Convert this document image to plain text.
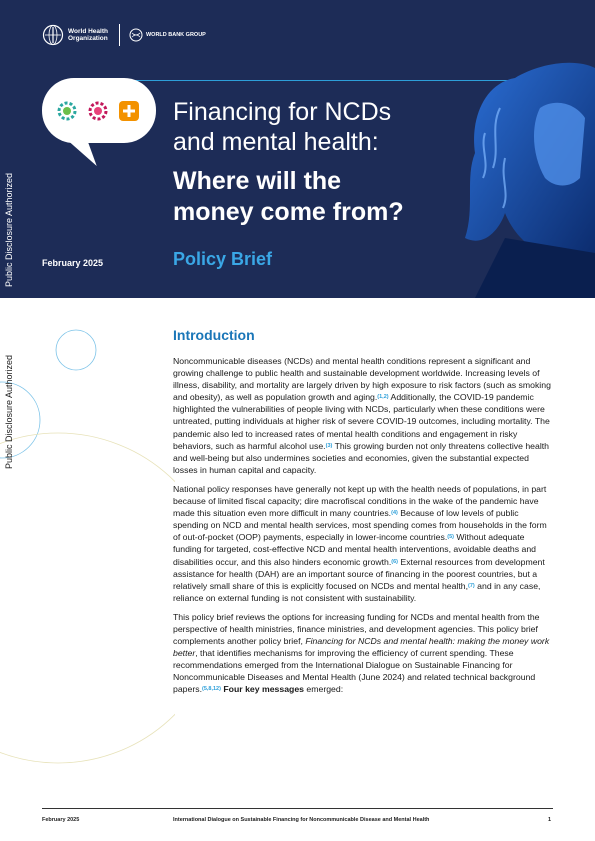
World Health
Organization	WORLD BANK GROUP
Financing for NCDs
and mental health:
Where will the
money come from?
February 2025	Policy Brief
Public Disclosure Authorized
Public Disclosure Authorized
Introduction

Noncommunicable diseases (NCDs) and mental health conditions represent a significant and growing challenge to public health and sustainable development worldwide. Increasing levels of illness, disability, and mortality are largely driven by high exposure to risk factors (such as smoking and obesity), as well as population growth and aging.$^{(1,2)}$ Additionally, the COVID-19 pandemic highlighted the vulnerabilities of people living with NCDs, particularly when these conditions were untreated, putting individuals at higher risk of severe COVID-19 outcomes, including mortality. The pandemic also led to increased rates of mental health conditions and engagement in risky behaviors, such as harmful alcohol use.$^{(3)}$ This growing burden not only threatens collective health and well-being but also undermines societies and economies, given the substantial expected losses in human capital and capacity.

National policy responses have generally not kept up with the health needs of populations, in part because of limited fiscal capacity; dire macrofiscal conditions in the wake of the pandemic have made this situation even more difficult in many countries.$^{(4)}$ Because of low levels of public spending on NCD and mental health services, most spending comes from households in the form of out-of-pocket (OOP) payments, especially in lower-income countries.$^{(5)}$ Without adequate funding for targeted, cost-effective NCD and mental health interventions, avoidable deaths and disabilities occur, and this also hinders economic growth.$^{(6)}$ External resources from development assistance for health (DAH) are an important source of financing in the poorest countries, but a relatively small share of this is explicitly focused on NCDs and mental health,$^{(7)}$ and in any case, reliance on external funding is not consistent with sustainability.

This policy brief reviews the options for increasing funding for NCDs and mental health from the perspective of health ministries, finance ministries, and development agencies. This policy brief complements another policy brief, Financing for NCDs and mental health: making the money work better, that identifies mechanisms for improving the efficiency of current spending. These recommendations emerged from the International Dialogue on Sustainable Financing for Noncommunicable Diseases and Mental Health (June 2024) and related technical background papers.$^{(5,8,12)}$ Four key messages emerged:

February 2025	International Dialogue on Sustainable Financing for Noncommunicable Disease and Mental Health	1
